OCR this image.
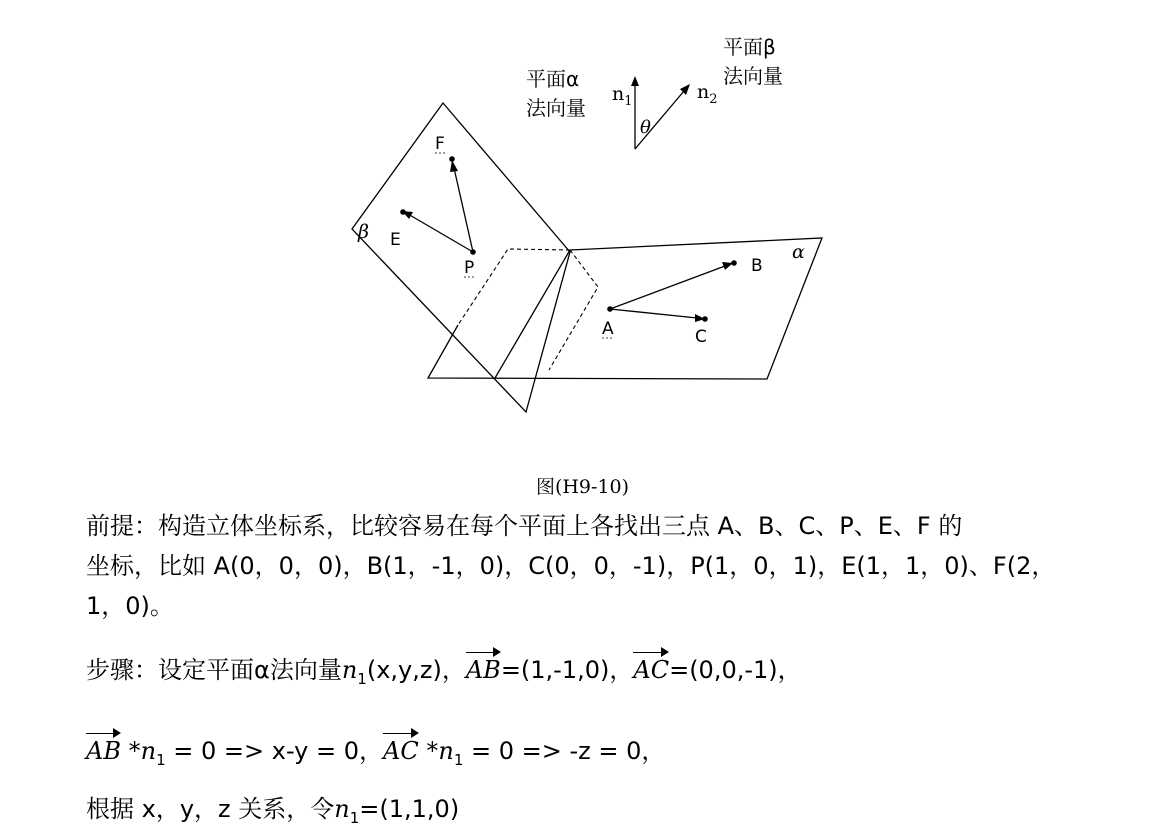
F
E
P
A
B
C
β
α
θ
$n_1$	$n_2$
平面α
法向量
平面β
法向量
图(H9-10)
前提：构造立体坐标系，比较容易在每个平面上各找出三点 A、B、C、P、E、F 的
坐标，比如 A(0，0，0)，B(1，-1，0)，C(0，0，-1)，P(1，0，1)，E(1，1，0)、F(2，
1，0)。
步骤：设定平面α法向量$n_1(x,y,z)$，AB=(1,-1,0)，AC=(0,0,-1)，
AB $*n_1 = 0 => x-y = 0$，AC $*n_1 = 0 => -z = 0$，
根据 x，y，z 关系，令$n_1=(1,1,0)$
